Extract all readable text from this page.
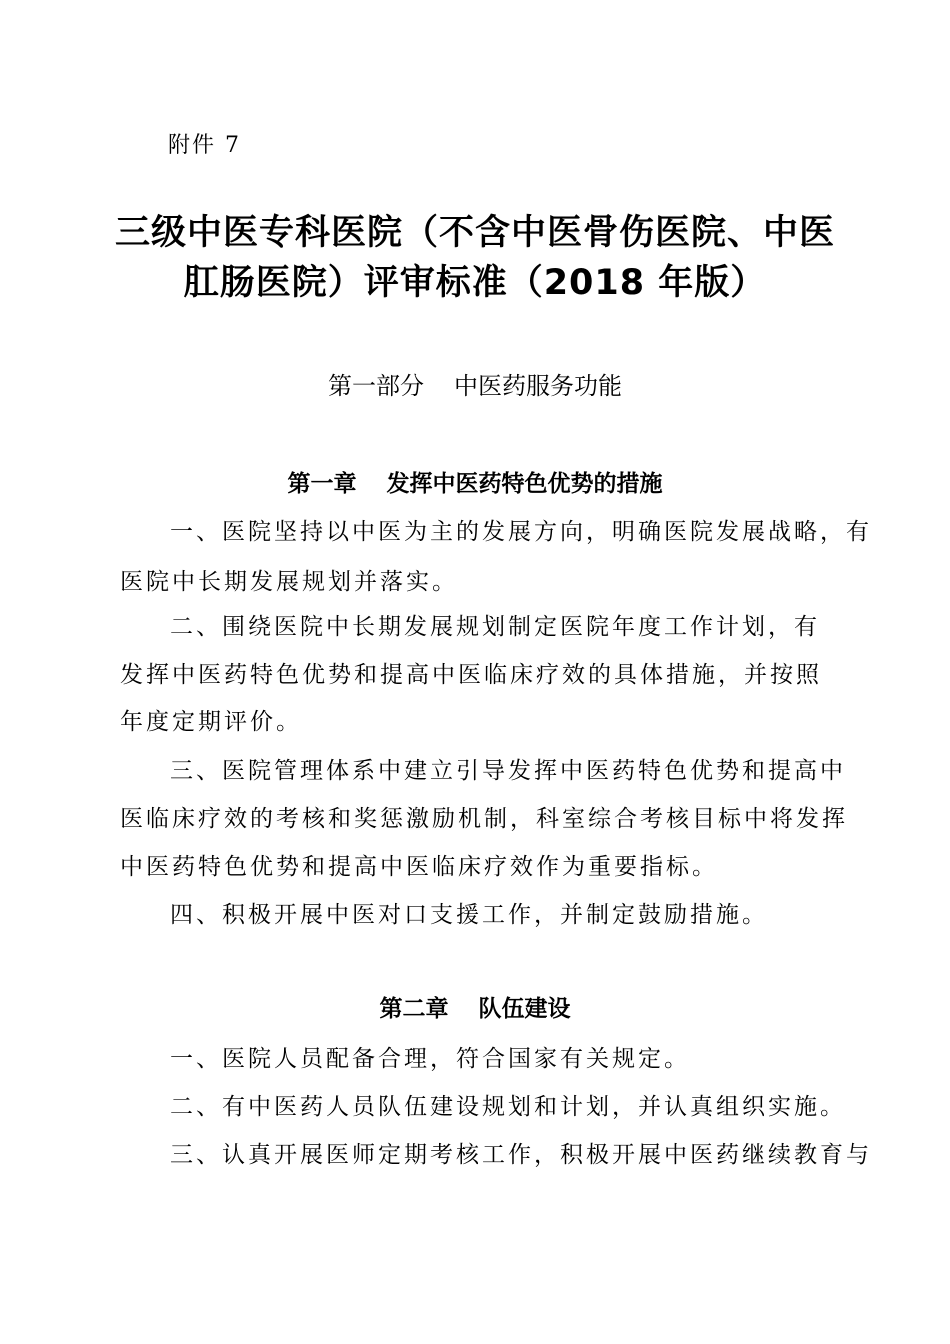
附件 7
三级中医专科医院（不含中医骨伤医院、中医
肛肠医院）评审标准（2018 年版）
第一部分 中医药服务功能
第一章 发挥中医药特色优势的措施
一、医院坚持以中医为主的发展方向，明确医院发展战略，有
医院中长期发展规划并落实。
二、围绕医院中长期发展规划制定医院年度工作计划，有
发挥中医药特色优势和提高中医临床疗效的具体措施，并按照
年度定期评价。
三、医院管理体系中建立引导发挥中医药特色优势和提高中
医临床疗效的考核和奖惩激励机制，科室综合考核目标中将发挥
中医药特色优势和提高中医临床疗效作为重要指标。
四、积极开展中医对口支援工作，并制定鼓励措施。
第二章 队伍建设
一、医院人员配备合理，符合国家有关规定。
二、有中医药人员队伍建设规划和计划，并认真组织实施。
三、认真开展医师定期考核工作，积极开展中医药继续教育与
